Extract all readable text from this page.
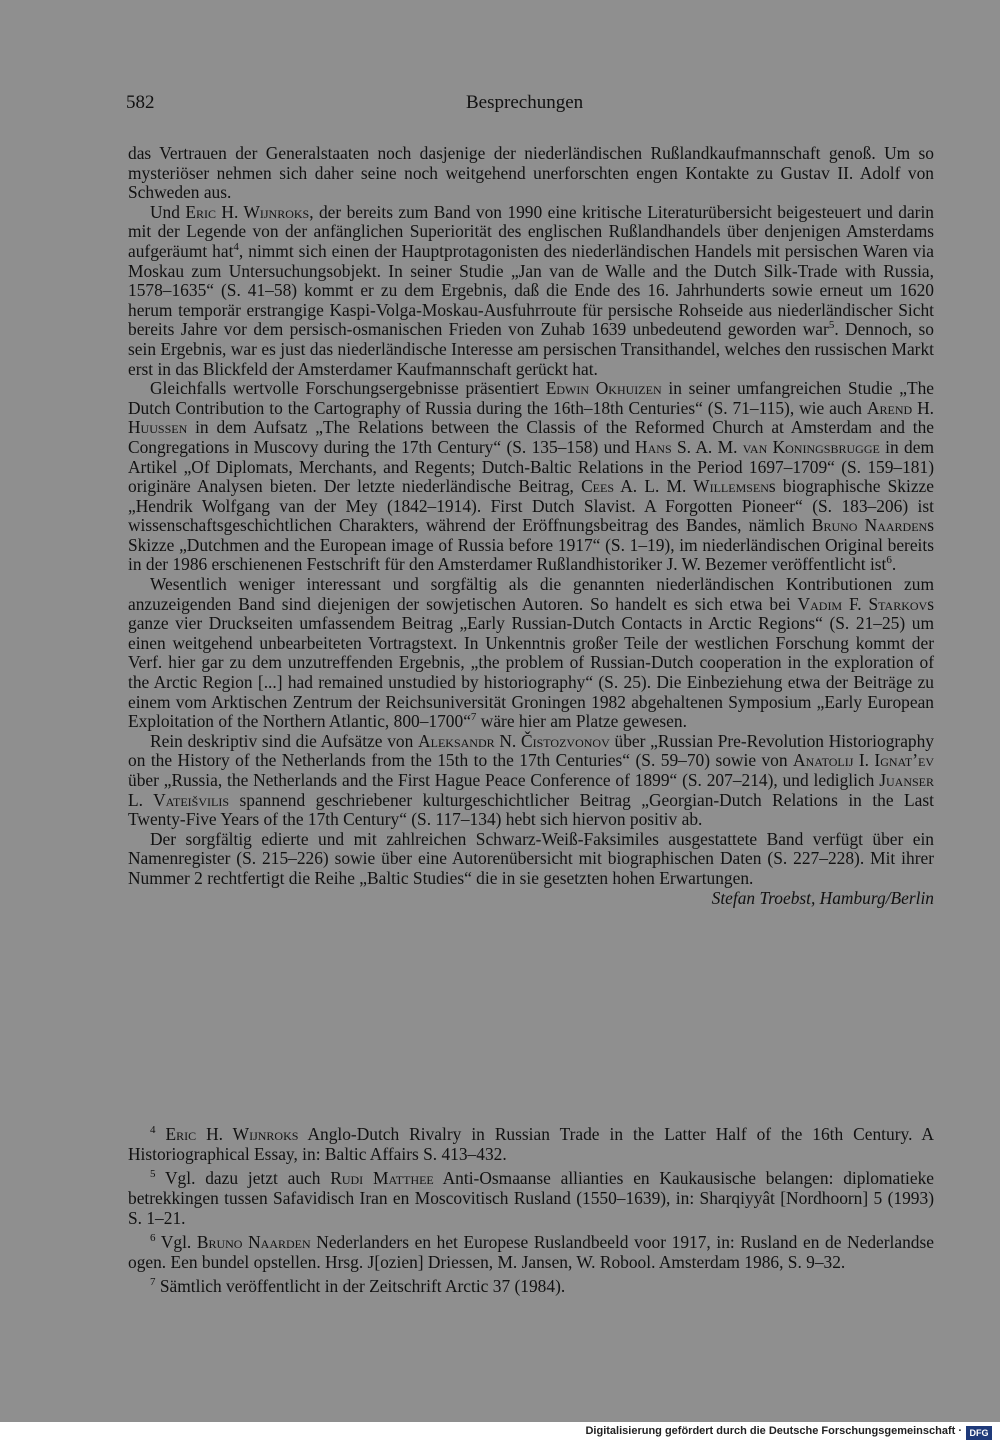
582	Besprechungen

das Vertrauen der Generalstaaten noch dasjenige der niederländischen Rußlandkaufmannschaft genoß. Um so mysteriöser nehmen sich daher seine noch weitgehend unerforschten engen Kontakte zu Gustav II. Adolf von Schweden aus.

Und Eric H. Wijnroks, der bereits zum Band von 1990 eine kritische Literaturübersicht beigesteuert und darin mit der Legende von der anfänglichen Superiorität des englischen Rußlandhandels über denjenigen Amsterdams aufgeräumt hat$^4$, nimmt sich einen der Hauptprotagonisten des niederländischen Handels mit persischen Waren via Moskau zum Untersuchungsobjekt. In seiner Studie „Jan van de Walle and the Dutch Silk-Trade with Russia, 1578–1635“ (S. 41–58) kommt er zu dem Ergebnis, daß die Ende des 16. Jahrhunderts sowie erneut um 1620 herum temporär erstrangige Kaspi-Volga-Moskau-Ausfuhrroute für persische Rohseide aus niederländischer Sicht bereits Jahre vor dem persisch-osmanischen Frieden von Zuhab 1639 unbedeutend geworden war$^5$. Dennoch, so sein Ergebnis, war es just das niederländische Interesse am persischen Transithandel, welches den russischen Markt erst in das Blickfeld der Amsterdamer Kaufmannschaft gerückt hat.

Gleichfalls wertvolle Forschungsergebnisse präsentiert Edwin Okhuizen in seiner umfangreichen Studie „The Dutch Contribution to the Cartography of Russia during the 16th–18th Centuries“ (S. 71–115), wie auch Arend H. Huussen in dem Aufsatz „The Relations between the Classis of the Reformed Church at Amsterdam and the Congregations in Muscovy during the 17th Century“ (S. 135–158) und Hans S. A. M. van Koningsbrugge in dem Artikel „Of Diplomats, Merchants, and Regents; Dutch-Baltic Relations in the Period 1697–1709“ (S. 159–181) originäre Analysen bieten. Der letzte niederländische Beitrag, Cees A. L. M. Willemsens biographische Skizze „Hendrik Wolfgang van der Mey (1842–1914). First Dutch Slavist. A Forgotten Pioneer“ (S. 183–206) ist wissenschaftsgeschichtlichen Charakters, während der Eröffnungsbeitrag des Bandes, nämlich Bruno Naardens Skizze „Dutchmen and the European image of Russia before 1917“ (S. 1–19), im niederländischen Original bereits in der 1986 erschienenen Festschrift für den Amsterdamer Rußlandhistoriker J. W. Bezemer veröffentlicht ist$^6$.

Wesentlich weniger interessant und sorgfältig als die genannten niederländischen Kontributionen zum anzuzeigenden Band sind diejenigen der sowjetischen Autoren. So handelt es sich etwa bei Vadim F. Starkovs ganze vier Druckseiten umfassendem Beitrag „Early Russian-Dutch Contacts in Arctic Regions“ (S. 21–25) um einen weitgehend unbearbeiteten Vortragstext. In Unkenntnis großer Teile der westlichen Forschung kommt der Verf. hier gar zu dem unzutreffenden Ergebnis, „the problem of Russian-Dutch cooperation in the exploration of the Arctic Region [...] had remained unstudied by historiography“ (S. 25). Die Einbeziehung etwa der Beiträge zu einem vom Arktischen Zentrum der Reichsuniversität Groningen 1982 abgehaltenen Symposium „Early European Exploitation of the Northern Atlantic, 800–1700“$^7$ wäre hier am Platze gewesen.

Rein deskriptiv sind die Aufsätze von Aleksandr N. Čistozvonov über „Russian Pre-Revolution Historiography on the History of the Netherlands from the 15th to the 17th Centuries“ (S. 59–70) sowie von Anatolij I. Ignat’ev über „Russia, the Netherlands and the First Hague Peace Conference of 1899“ (S. 207–214), und lediglich Juanser L. Vateišvilis spannend geschriebener kulturgeschichtlicher Beitrag „Georgian-Dutch Relations in the Last Twenty-Five Years of the 17th Century“ (S. 117–134) hebt sich hiervon positiv ab.

Der sorgfältig edierte und mit zahlreichen Schwarz-Weiß-Faksimiles ausgestattete Band verfügt über ein Namenregister (S. 215–226) sowie über eine Autorenübersicht mit biographischen Daten (S. 227–228). Mit ihrer Nummer 2 rechtfertigt die Reihe „Baltic Studies“ die in sie gesetzten hohen Erwartungen.
Stefan Troebst, Hamburg/Berlin

$^4$ Eric H. Wijnroks Anglo-Dutch Rivalry in Russian Trade in the Latter Half of the 16th Century. A Historiographical Essay, in: Baltic Affairs S. 413–432.

$^5$ Vgl. dazu jetzt auch Rudi Matthee Anti-Osmaanse allianties en Kaukausische belangen: diplomatieke betrekkingen tussen Safavidisch Iran en Moscovitisch Rusland (1550–1639), in: Sharqiyyât [Nordhoorn] 5 (1993) S. 1–21.

$^6$ Vgl. Bruno Naarden Nederlanders en het Europese Ruslandbeeld voor 1917, in: Rusland en de Nederlandse ogen. Een bundel opstellen. Hrsg. J[ozien] Driessen, M. Jansen, W. Robool. Amsterdam 1986, S. 9–32.

$^7$ Sämtlich veröffentlicht in der Zeitschrift Arctic 37 (1984).

Digitalisierung gefördert durch die Deutsche Forschungsgemeinschaft · DFG
